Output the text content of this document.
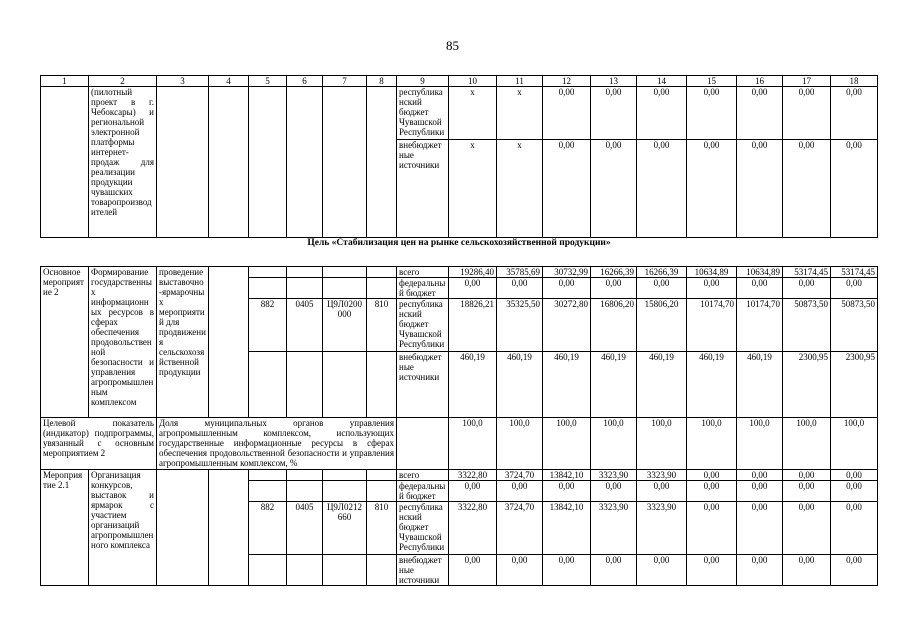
85
1	2	3	4	5	6	7	8	9	10	11	12	13	14	15	16	17	18
	(пилотный проект в г. Чебоксары) и региональной электронной платформы интернет-продаж для реализации продукции чувашских товаропроизводителей							республиканский бюджет Чувашской Республики	x	x	0,00	0,00	0,00	0,00	0,00	0,00	0,00
								внебюджетные источники	x	x	0,00	0,00	0,00	0,00	0,00	0,00	0,00
Цель «Стабилизация цен на рынке сельскохозяйственной продукции»																	
Основное мероприятие 2	Формирование государственных информационных ресурсов в сферах обеспечения продовольственной безопасности и управления агропромышленным комплексом	проведение выставочно-ярмарочных мероприятий для продвижения сельскохозяйственной продукции						всего	19286,40	35785,69	30732,99	16266,39	16266,39	10634,89	10634,89	53174,45	53174,45
								федеральный бюджет	0,00	0,00	0,00	0,00	0,00	0,00	0,00	0,00	0,00
				882	0405	Ц9Л0200000	810	республиканский бюджет Чувашской Республики	18826,21	35325,50	30272,80	16806,20	15806,20	10174,70	10174,70	50873,50	50873,50
								внебюджетные источники	460,19	460,19	460,19	460,19	460,19	460,19	460,19	2300,95	2300,95
Целевой показатель (индикатор) подпрограммы, увязанный с основным мероприятием 2		Доля муниципальных органов управления агропромышленным комплексом, использующих государственные информационные ресурсы в сферах обеспечения продовольственной безопасности и управления агропромышленным комплексом, %							100,0	100,0	100,0	100,0	100,0	100,0	100,0	100,0	100,0
Мероприятие 2.1	Организация конкурсов, выставок и ярмарок с участием организаций агропромышленного комплекса							всего	3322,80	3724,70	13842,10	3323,90	3323,90	0,00	0,00	0,00	0,00
								федеральный бюджет	0,00	0,00	0,00	0,00	0,00	0,00	0,00	0,00	0,00
				882	0405	Ц9Л0212660	810	республиканский бюджет Чувашской Республики	3322,80	3724,70	13842,10	3323,90	3323,90	0,00	0,00	0,00	0,00
								внебюджетные источники	0,00	0,00	0,00	0,00	0,00	0,00	0,00	0,00	0,00
